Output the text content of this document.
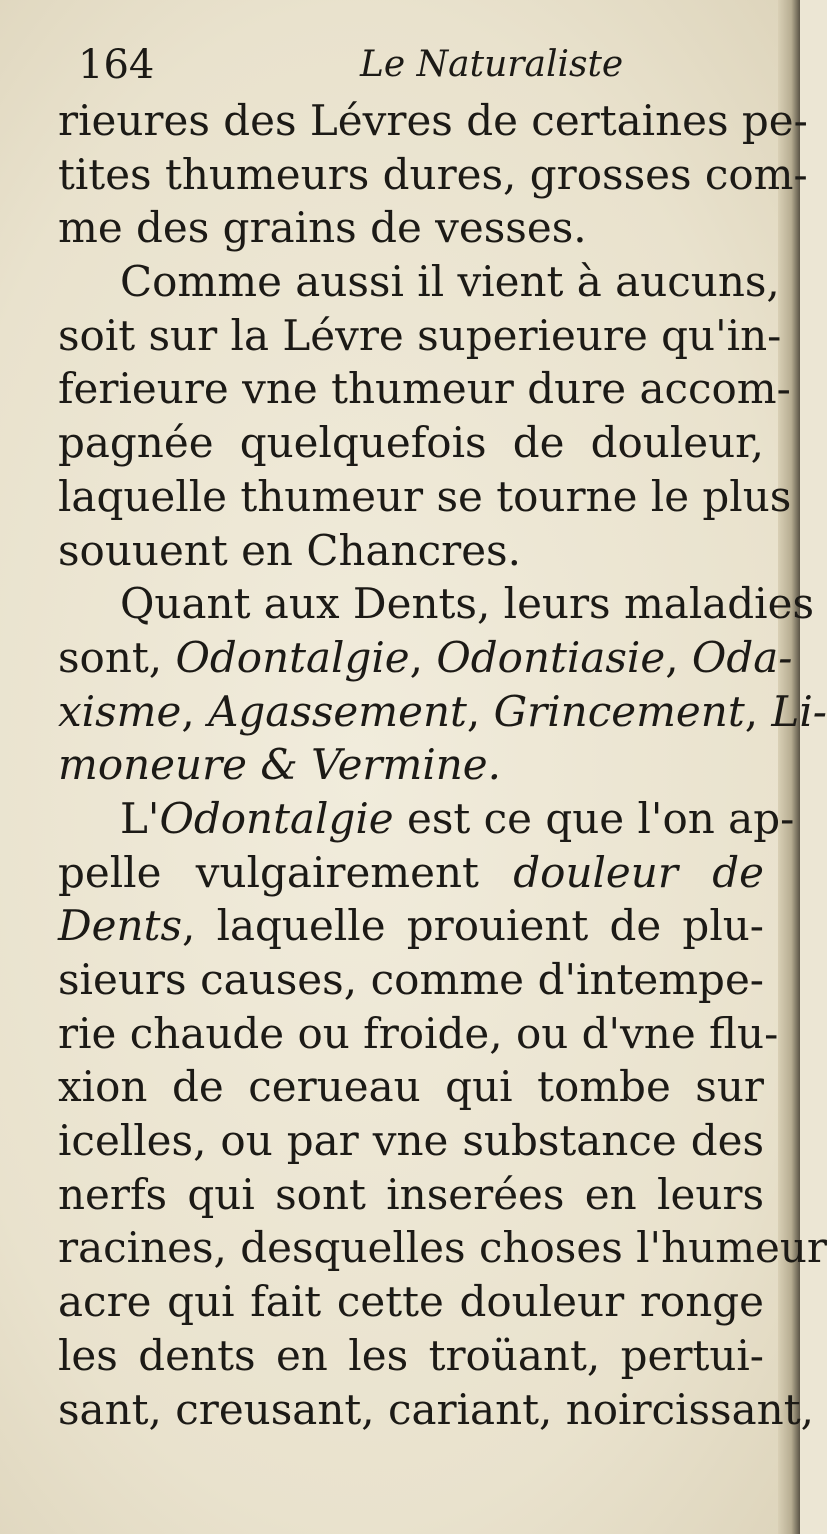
164	Le Naturaliste
rieures des Lévres de certaines pe-
tites thumeurs dures, grosses com-
me des grains de vesses.
Comme aussi il vient à aucuns,
soit sur la Lévre superieure qu'in-
ferieure vne thumeur dure accom-
pagnée quelquefois de douleur,
laquelle thumeur se tourne le plus
souuent en Chancres.
Quant aux Dents, leurs maladies
sont, Odontalgie, Odontiasie, Oda-
xisme, Agassement, Grincement, Li-
moneure & Vermine.
L'Odontalgie est ce que l'on ap-
pelle vulgairement douleur de
Dents, laquelle prouient de plu-
sieurs causes, comme d'intempe-
rie chaude ou froide, ou d'vne flu-
xion de cerueau qui tombe sur
icelles, ou par vne substance des
nerfs qui sont inserées en leurs
racines, desquelles choses l'humeur
acre qui fait cette douleur ronge
les dents en les troüant, pertui-
sant, creusant, cariant, noircissant,
